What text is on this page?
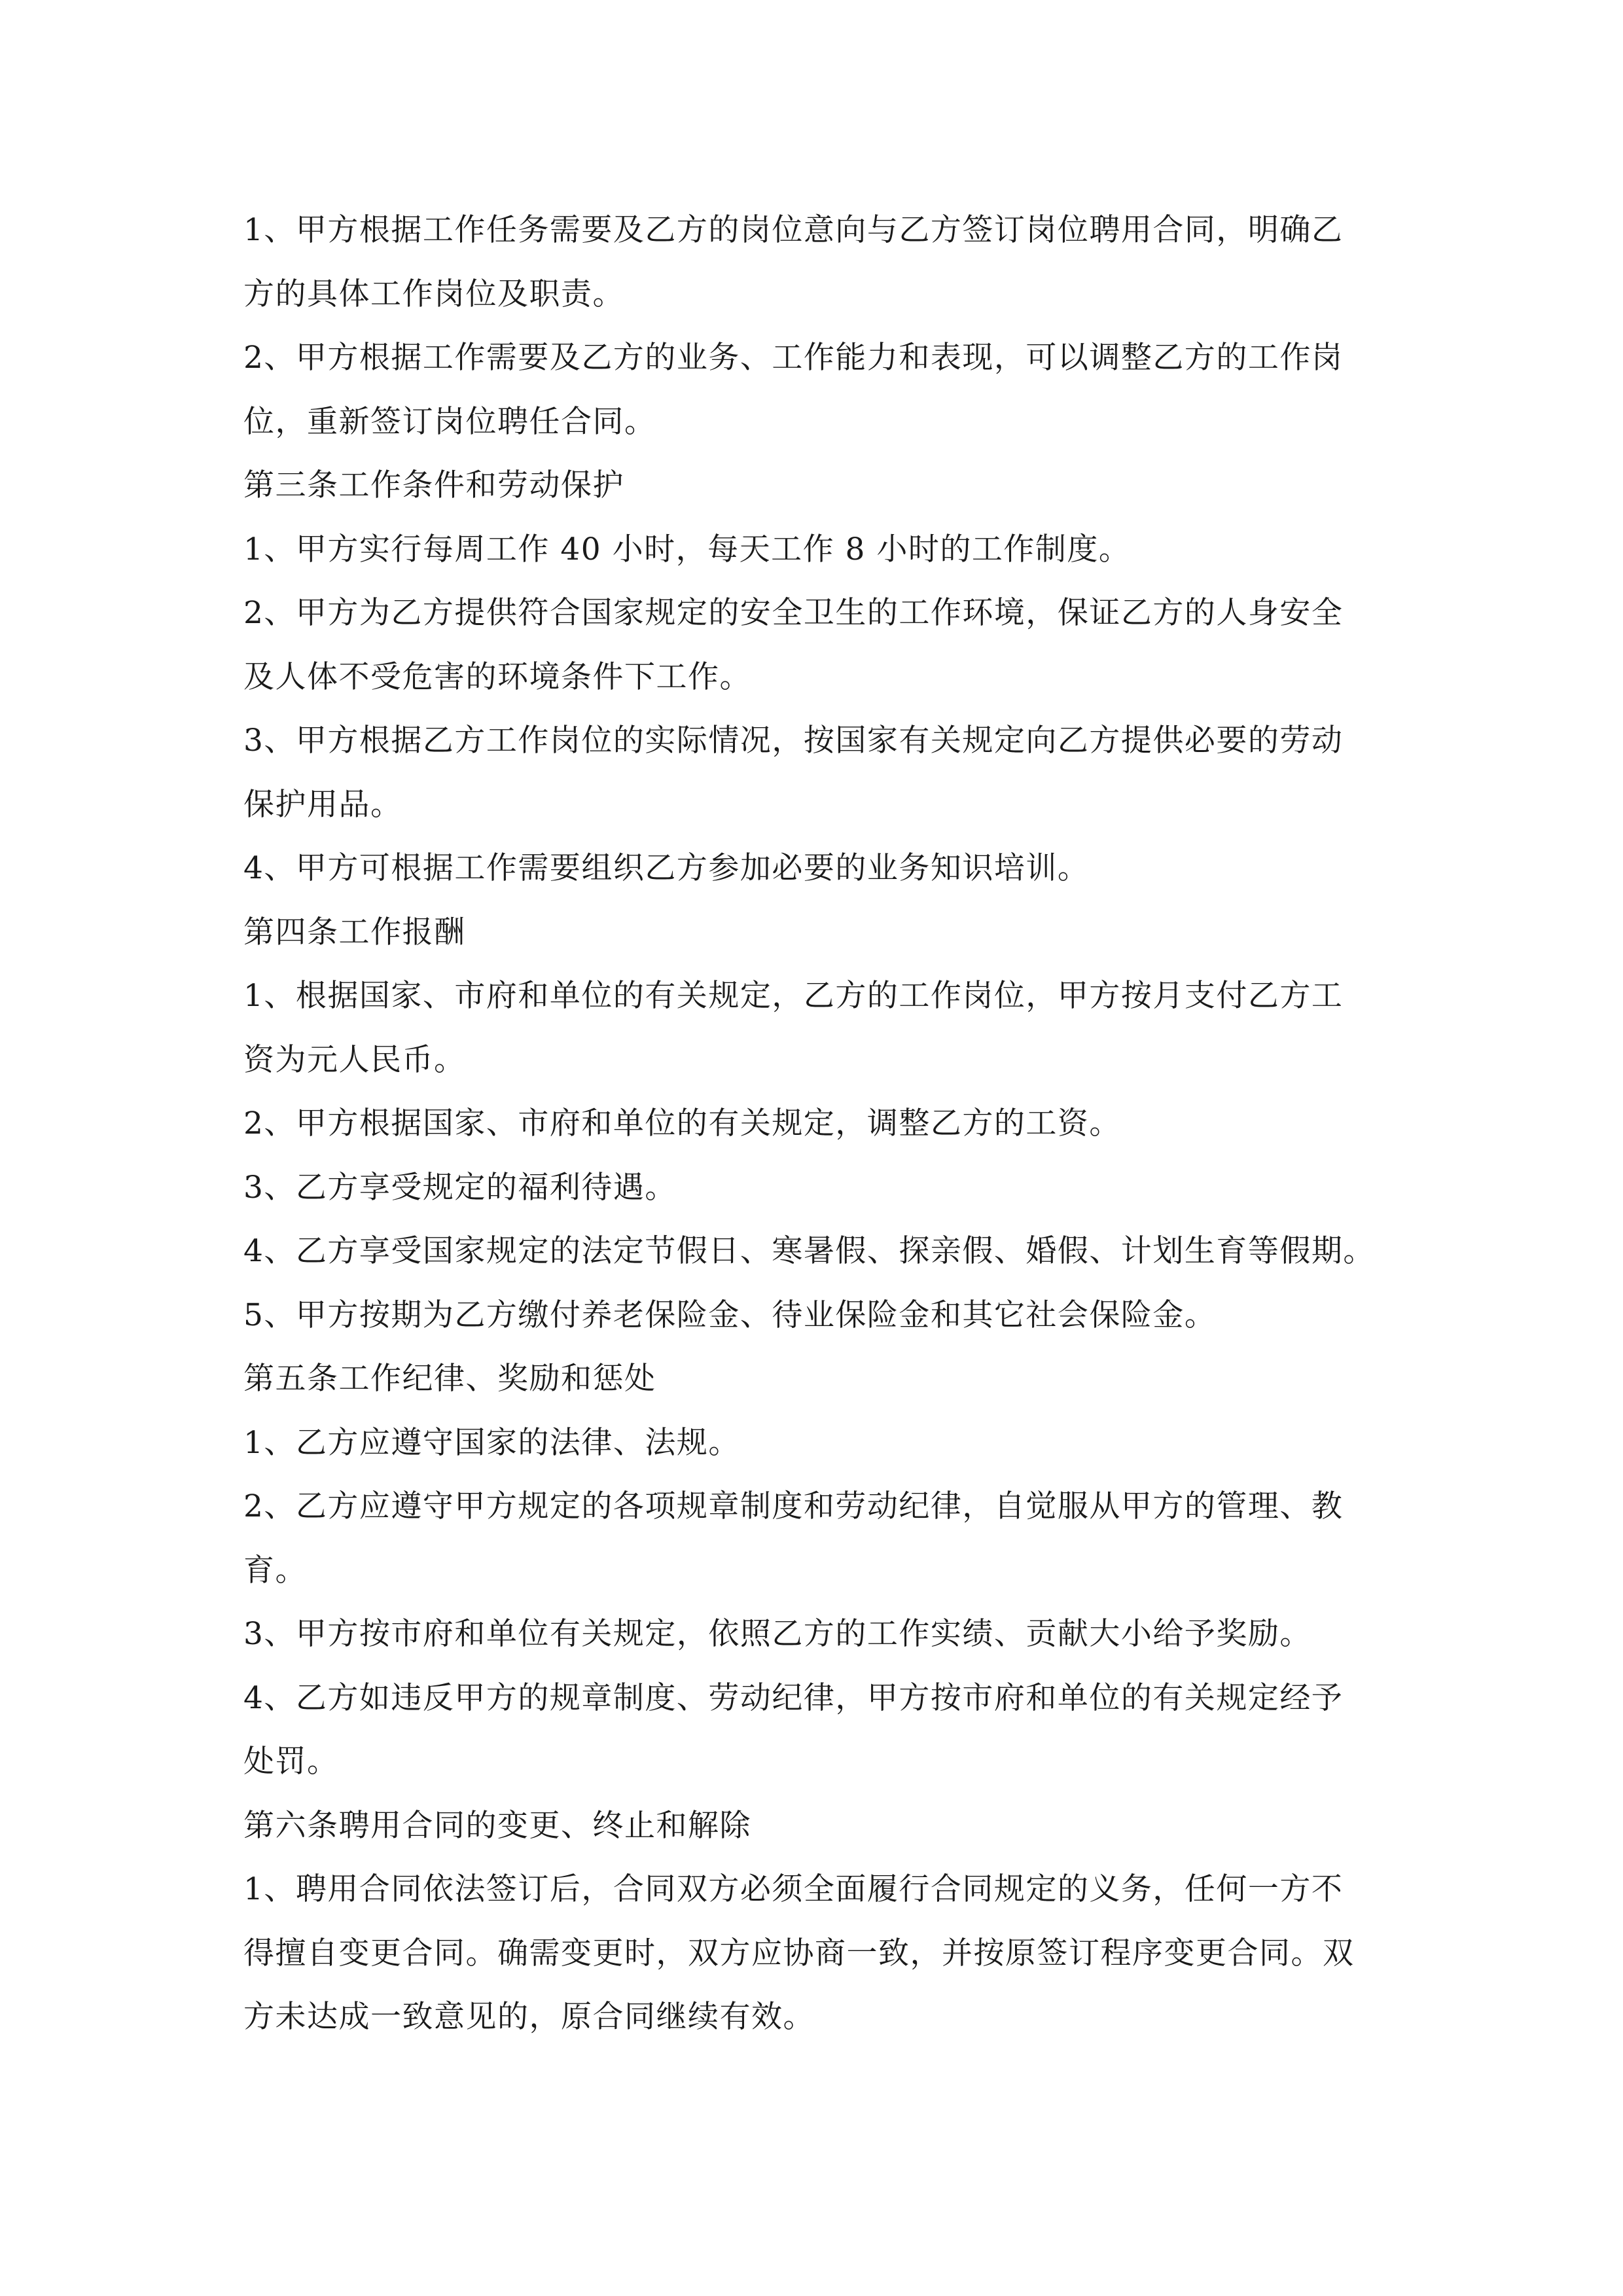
1、甲方根据工作任务需要及乙方的岗位意向与乙方签订岗位聘用合同，明确乙
方的具体工作岗位及职责。
2、甲方根据工作需要及乙方的业务、工作能力和表现，可以调整乙方的工作岗
位，重新签订岗位聘任合同。
第三条工作条件和劳动保护
1、甲方实行每周工作 40 小时，每天工作 8 小时的工作制度。
2、甲方为乙方提供符合国家规定的安全卫生的工作环境，保证乙方的人身安全
及人体不受危害的环境条件下工作。
3、甲方根据乙方工作岗位的实际情况，按国家有关规定向乙方提供必要的劳动
保护用品。
4、甲方可根据工作需要组织乙方参加必要的业务知识培训。
第四条工作报酬
1、根据国家、市府和单位的有关规定，乙方的工作岗位，甲方按月支付乙方工
资为元人民币。
2、甲方根据国家、市府和单位的有关规定，调整乙方的工资。
3、乙方享受规定的福利待遇。
4、乙方享受国家规定的法定节假日、寒暑假、探亲假、婚假、计划生育等假期。
5、甲方按期为乙方缴付养老保险金、待业保险金和其它社会保险金。
第五条工作纪律、奖励和惩处
1、乙方应遵守国家的法律、法规。
2、乙方应遵守甲方规定的各项规章制度和劳动纪律，自觉服从甲方的管理、教
育。
3、甲方按市府和单位有关规定，依照乙方的工作实绩、贡献大小给予奖励。
4、乙方如违反甲方的规章制度、劳动纪律，甲方按市府和单位的有关规定经予
处罚。
第六条聘用合同的变更、终止和解除
1、聘用合同依法签订后，合同双方必须全面履行合同规定的义务，任何一方不
得擅自变更合同。确需变更时，双方应协商一致，并按原签订程序变更合同。双
方未达成一致意见的，原合同继续有效。
